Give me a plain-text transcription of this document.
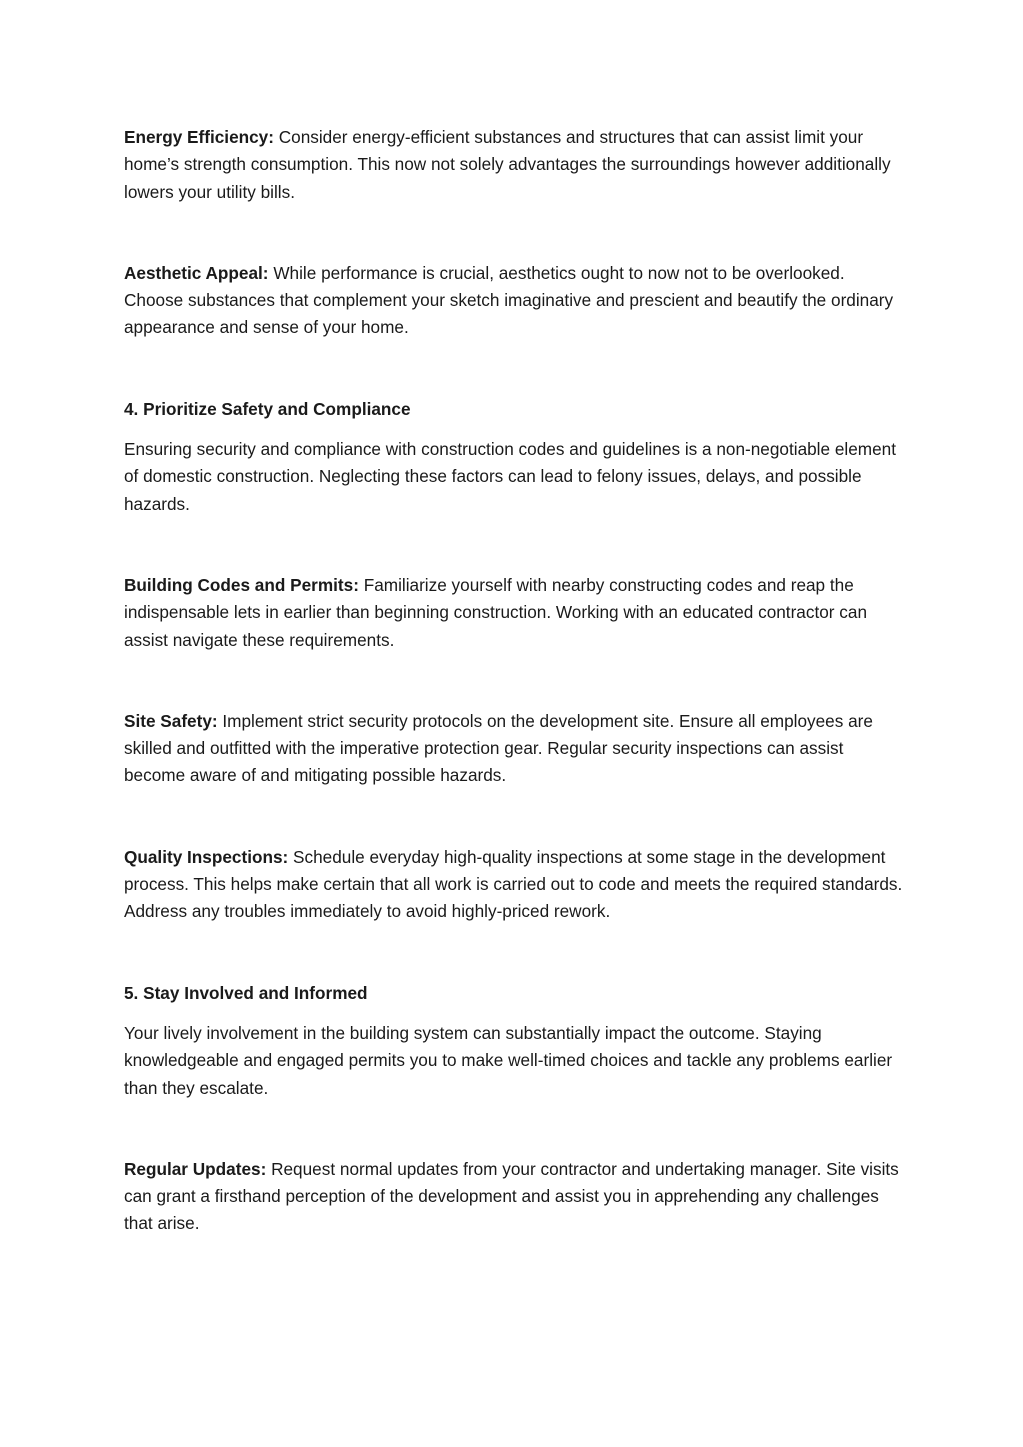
Energy Efficiency: Consider energy-efficient substances and structures that can assist limit your home’s strength consumption. This now not solely advantages the surroundings however additionally lowers your utility bills.

Aesthetic Appeal: While performance is crucial, aesthetics ought to now not to be overlooked. Choose substances that complement your sketch imaginative and prescient and beautify the ordinary appearance and sense of your home.

4. Prioritize Safety and Compliance

Ensuring security and compliance with construction codes and guidelines is a non-negotiable element of domestic construction. Neglecting these factors can lead to felony issues, delays, and possible hazards.

Building Codes and Permits: Familiarize yourself with nearby constructing codes and reap the indispensable lets in earlier than beginning construction. Working with an educated contractor can assist navigate these requirements.

Site Safety: Implement strict security protocols on the development site. Ensure all employees are skilled and outfitted with the imperative protection gear. Regular security inspections can assist become aware of and mitigating possible hazards.

Quality Inspections: Schedule everyday high-quality inspections at some stage in the development process. This helps make certain that all work is carried out to code and meets the required standards. Address any troubles immediately to avoid highly-priced rework.

5. Stay Involved and Informed

Your lively involvement in the building system can substantially impact the outcome. Staying knowledgeable and engaged permits you to make well-timed choices and tackle any problems earlier than they escalate.

Regular Updates: Request normal updates from your contractor and undertaking manager. Site visits can grant a firsthand perception of the development and assist you in apprehending any challenges that arise.
